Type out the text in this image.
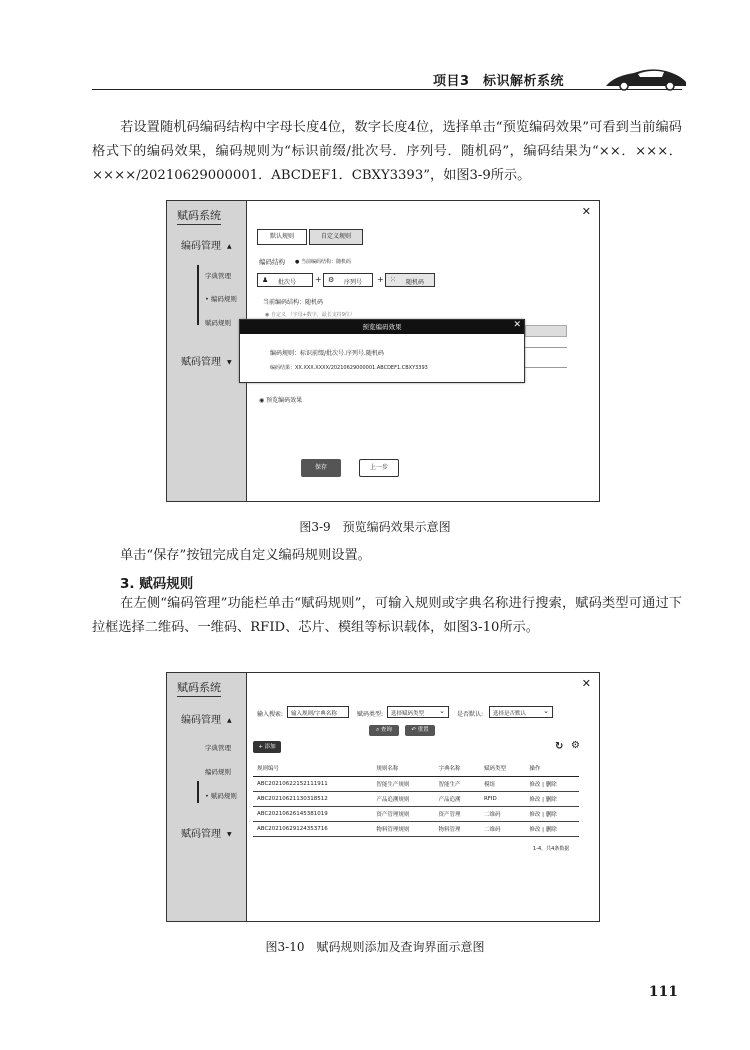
项目3　标识解析系统
若设置随机码编码结构中字母长度4位，数字长度4位，选择单击“预览编码效果”可看到当前编码格式下的编码效果，编码规则为“标识前缀/批次号．序列号．随机码”，编码结果为“××．×××．××××/20210629000001．ABCDEF1．CBXY3393”，如图3-9所示。
赋码系统
编码管理 ▲
字典管理
• 编码规则
赋码规则
赋码管理 ▼
✕
默认规则	自定义规则
编码结构 ● 当前编码结构：随机码
♟ 批次号 + ⚙ 序列号 + ⁙ 随机码
当前编码结构：随机码
◉ 自定义 （字母+数字，最长支持9位）
预览编码效果	✕
编码规则：标识前缀/批次号.序列号.随机码
编码结果：XX.XXX.XXXX/20210629000001.ABCDEF1.CBXY3393
◉ 预览编码效果
保存	上一步
图3-9　预览编码效果示意图
单击“保存”按钮完成自定义编码规则设置。
3. 赋码规则
在左侧“编码管理”功能栏单击“赋码规则”，可输入规则或字典名称进行搜索，赋码类型可通过下拉框选择二维码、一维码、RFID、芯片、模组等标识载体，如图3-10所示。
赋码系统
编码管理 ▲
字典管理
编码规则
• 赋码规则
赋码管理 ▼
✕
输入搜索: 输入规则/字典名称	赋码类型: 选择赋码类型 ⌄ 是否默认: 选择是否默认 ⌄
⌕ 查询	↶ 重置
+ 添加	↻ ⚙
规则编号	规则名称	字典名称	赋码类型	操作
ABC20210622152111911	智能生产规则	智能生产	模组	修改 | 删除
ABC20210621130318512	产品追溯规则	产品追溯	RFID	修改 | 删除
ABC20210626145381019	资产管理规则	资产管理	二维码	修改 | 删除
ABC20210629124353716	物料管理规则	物料管理	二维码	修改 | 删除
1-4，共4条数据
图3-10　赋码规则添加及查询界面示意图
111
